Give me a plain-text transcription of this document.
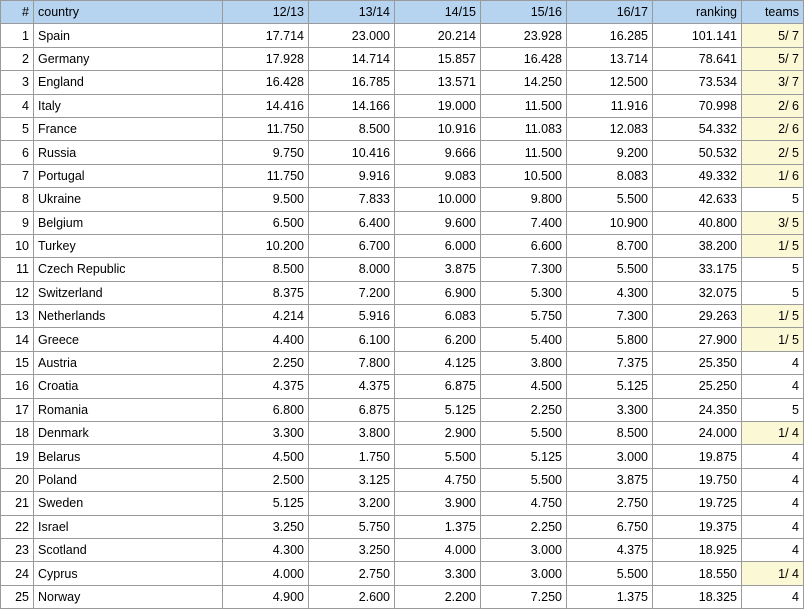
#	country	12/13	13/14	14/15	15/16	16/17	ranking	teams
1	Spain	17.714	23.000	20.214	23.928	16.285	101.141	5/ 7
2	Germany	17.928	14.714	15.857	16.428	13.714	78.641	5/ 7
3	England	16.428	16.785	13.571	14.250	12.500	73.534	3/ 7
4	Italy	14.416	14.166	19.000	11.500	11.916	70.998	2/ 6
5	France	11.750	8.500	10.916	11.083	12.083	54.332	2/ 6
6	Russia	9.750	10.416	9.666	11.500	9.200	50.532	2/ 5
7	Portugal	11.750	9.916	9.083	10.500	8.083	49.332	1/ 6
8	Ukraine	9.500	7.833	10.000	9.800	5.500	42.633	5
9	Belgium	6.500	6.400	9.600	7.400	10.900	40.800	3/ 5
10	Turkey	10.200	6.700	6.000	6.600	8.700	38.200	1/ 5
11	Czech Republic	8.500	8.000	3.875	7.300	5.500	33.175	5
12	Switzerland	8.375	7.200	6.900	5.300	4.300	32.075	5
13	Netherlands	4.214	5.916	6.083	5.750	7.300	29.263	1/ 5
14	Greece	4.400	6.100	6.200	5.400	5.800	27.900	1/ 5
15	Austria	2.250	7.800	4.125	3.800	7.375	25.350	4
16	Croatia	4.375	4.375	6.875	4.500	5.125	25.250	4
17	Romania	6.800	6.875	5.125	2.250	3.300	24.350	5
18	Denmark	3.300	3.800	2.900	5.500	8.500	24.000	1/ 4
19	Belarus	4.500	1.750	5.500	5.125	3.000	19.875	4
20	Poland	2.500	3.125	4.750	5.500	3.875	19.750	4
21	Sweden	5.125	3.200	3.900	4.750	2.750	19.725	4
22	Israel	3.250	5.750	1.375	2.250	6.750	19.375	4
23	Scotland	4.300	3.250	4.000	3.000	4.375	18.925	4
24	Cyprus	4.000	2.750	3.300	3.000	5.500	18.550	1/ 4
25	Norway	4.900	2.600	2.200	7.250	1.375	18.325	4
